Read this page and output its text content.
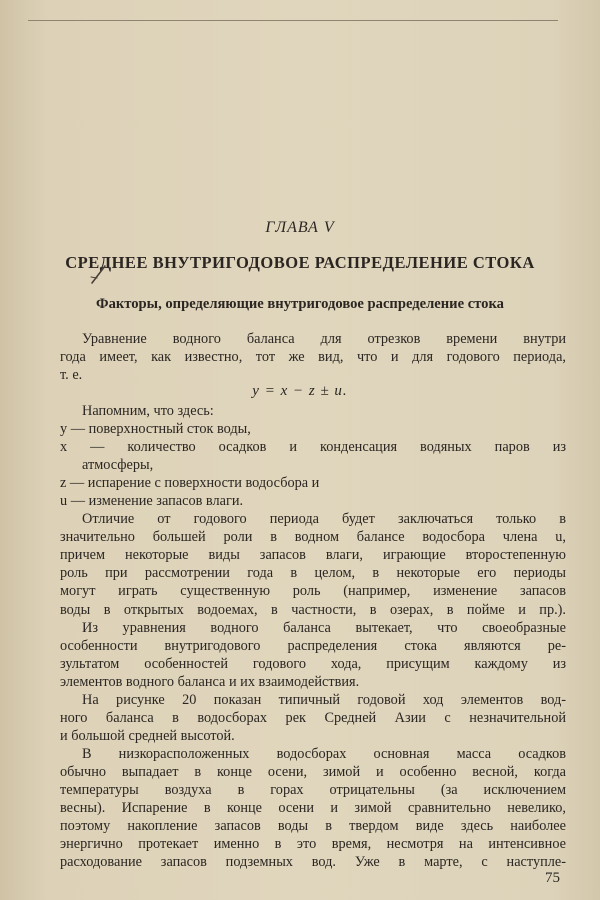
ГЛАВА V
СРЕДНЕЕ ВНУТРИГОДОВОЕ РАСПРЕДЕЛЕНИЕ СТОКА
Факторы, определяющие внутригодовое распределение стока
Уравнение водного баланса для отрезков времени внутри
года имеет, как известно, тот же вид, что и для годового периода,
т. е.
y = x − z ± u.
Напомним, что здесь:
y — поверхностный сток воды,
x — количество осадков и конденсация водяных паров из
атмосферы,
z — испарение с поверхности водосбора и
u — изменение запасов влаги.
Отличие от годового периода будет заключаться только в
значительно большей роли в водном балансе водосбора члена u,
причем некоторые виды запасов влаги, играющие второстепенную
роль при рассмотрении года в целом, в некоторые его периоды
могут играть существенную роль (например, изменение запасов
воды в открытых водоемах, в частности, в озерах, в пойме и пр.).
Из уравнения водного баланса вытекает, что своеобразные
особенности внутригодового распределения стока являются ре-
зультатом особенностей годового хода, присущим каждому из
элементов водного баланса и их взаимодействия.
На рисунке 20 показан типичный годовой ход элементов вод-
ного баланса в водосборах рек Средней Азии с незначительной
и большой средней высотой.
В низкорасположенных водосборах основная масса осадков
обычно выпадает в конце осени, зимой и особенно весной, когда
температуры воздуха в горах отрицательны (за исключением
весны). Испарение в конце осени и зимой сравнительно невелико,
поэтому накопление запасов воды в твердом виде здесь наиболее
энергично протекает именно в это время, несмотря на интенсивное
расходование запасов подземных вод. Уже в марте, с наступле-
75
